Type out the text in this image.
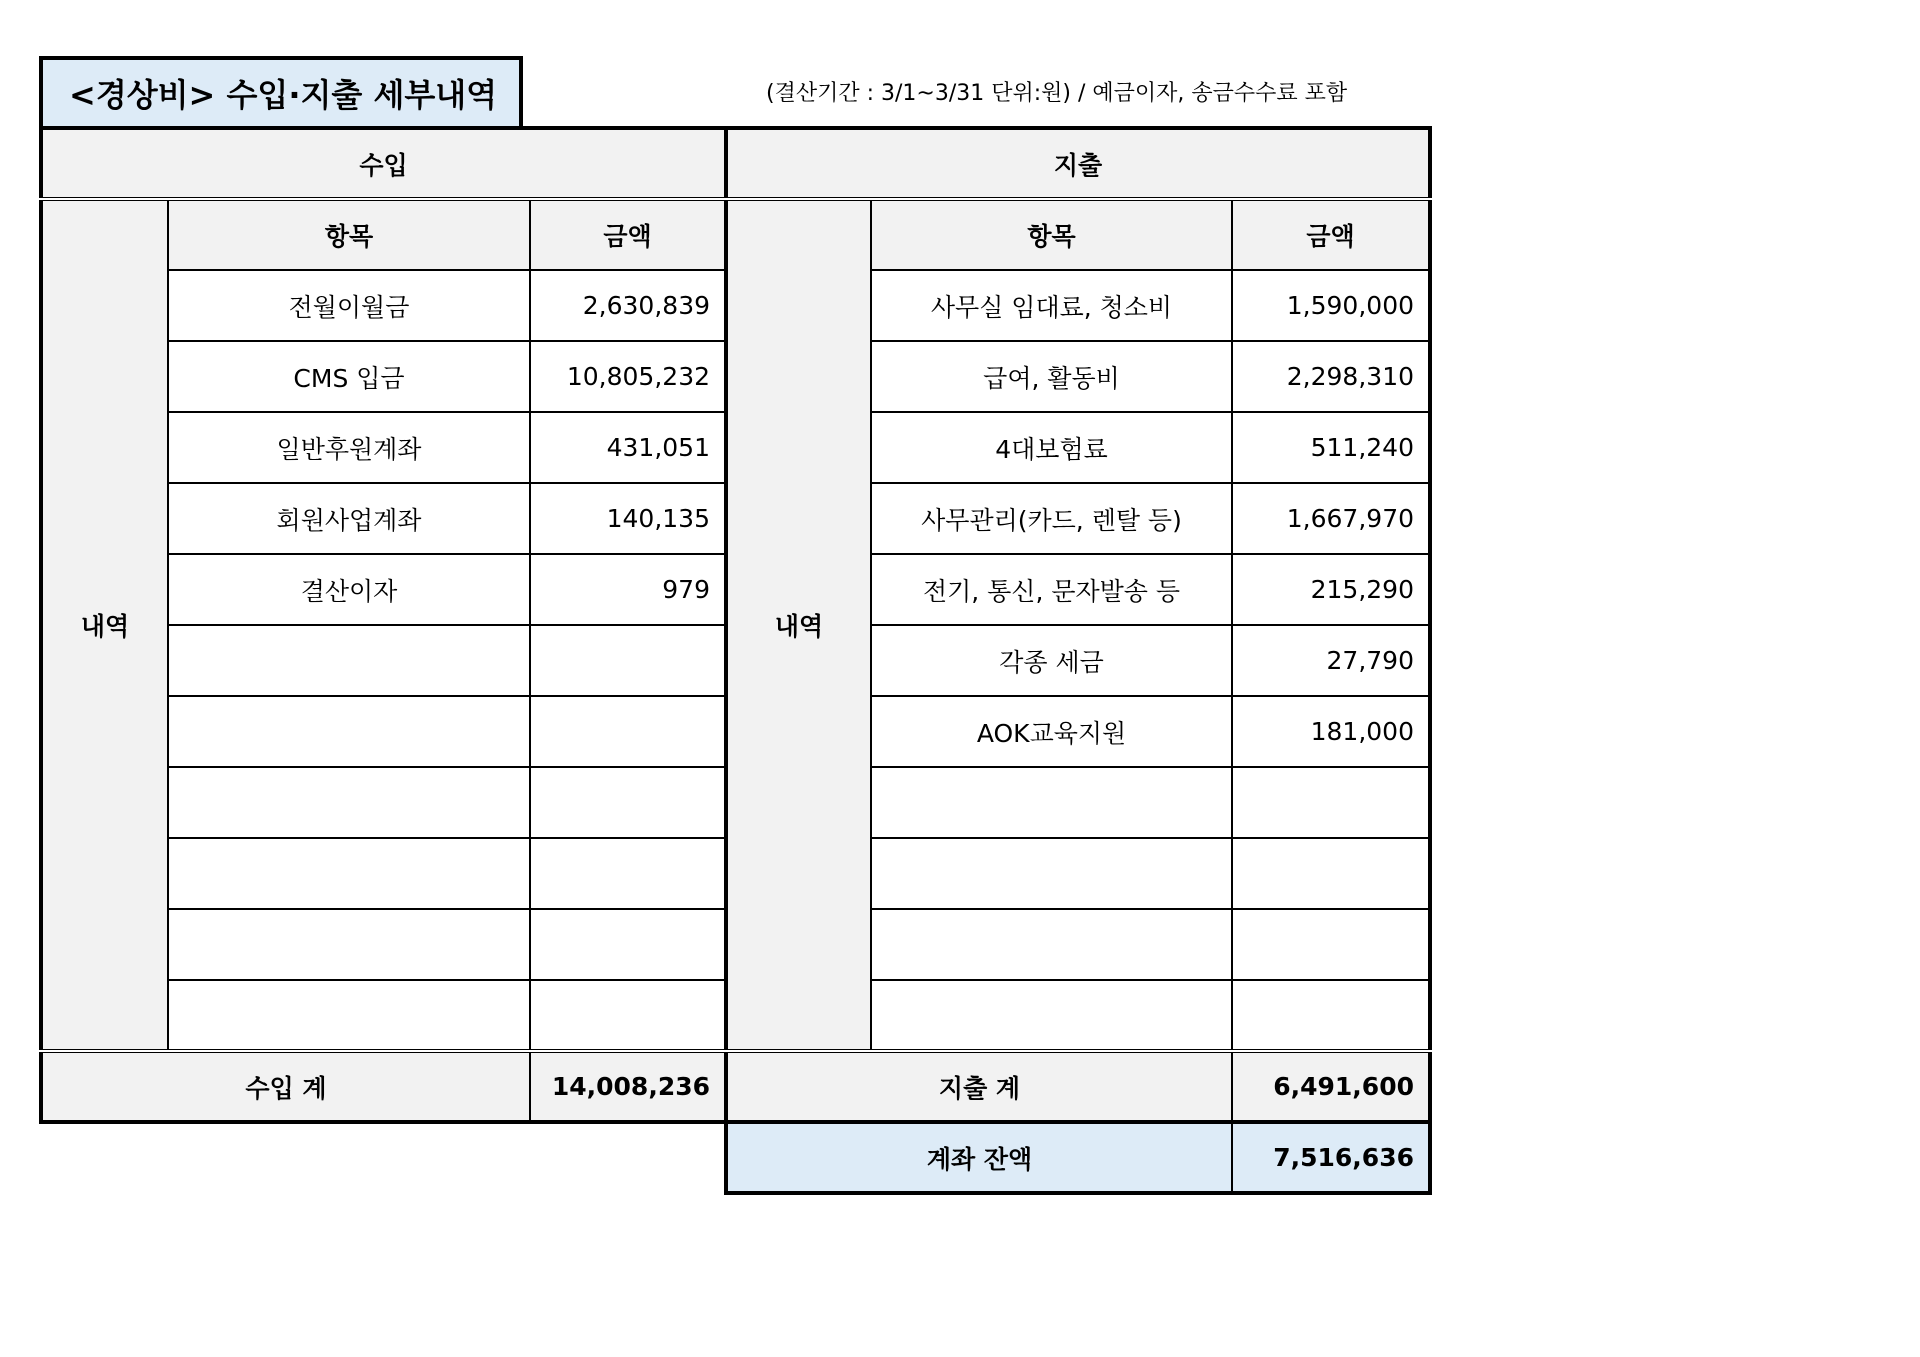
<경상비> 수입·지출 세부내역	(결산기간 : 3/1~3/31 단위:원) / 예금이자, 송금수수료 포함
수입			지출		
내역	항목	금액	내역	항목	금액
	전월이월금	2,630,839		사무실 임대료, 청소비	1,590,000
	CMS 입금	10,805,232		급여, 활동비	2,298,310
	일반후원계좌	431,051		4대보험료	511,240
	회원사업계좌	140,135		사무관리(카드, 렌탈 등)	1,667,970
	결산이자	979		전기, 통신, 문자발송 등	215,290
				각종 세금	27,790
				AOK교육지원	181,000

수입 계		14,008,236	지출 계		6,491,600
			계좌 잔액		7,516,636
